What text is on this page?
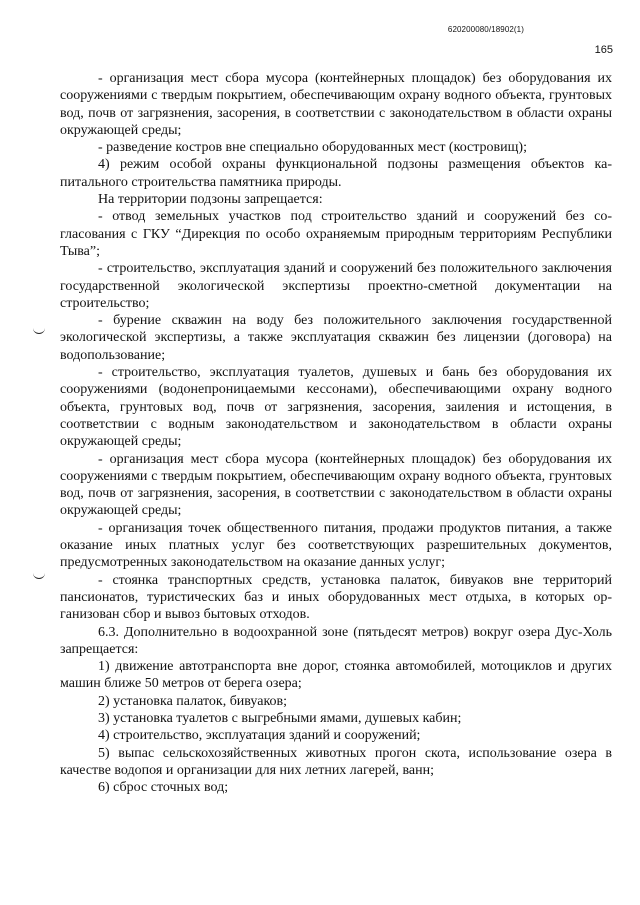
620200080/18902(1)
165

- организация мест сбора мусора (контейнерных площадок) без оборудования их сооружениями с твердым покрытием, обеспечивающим охрану водного объекта, грунтовых вод, почв от загрязнения, засорения, в соответствии с законодательством в области охраны окружающей среды;

- разведение костров вне специально оборудованных мест (костровищ);

4) режим особой охраны функциональной подзоны размещения объектов капитального строительства памятника природы.

На территории подзоны запрещается:

- отвод земельных участков под строительство зданий и сооружений без согласования с ГКУ “Дирекция по особо охраняемым природным территориям Республики Тыва”;

- строительство, эксплуатация зданий и сооружений без положительного заключения государственной экологической экспертизы проектно-сметной документации на строительство;

- бурение скважин на воду без положительного заключения государственной экологической экспертизы, а также эксплуатация скважин без лицензии (договора) на водопользование;

- строительство, эксплуатация туалетов, душевых и бань без оборудования их сооружениями (водонепроницаемыми кессонами), обеспечивающими охрану водного объекта, грунтовых вод, почв от загрязнения, засорения, заиления и истощения, в соответствии с водным законодательством и законодательством в области охраны окружающей среды;

- организация мест сбора мусора (контейнерных площадок) без оборудования их сооружениями с твердым покрытием, обеспечивающим охрану водного объекта, грунтовых вод, почв от загрязнения, засорения, в соответствии с законодательством в области охраны окружающей среды;

- организация точек общественного питания, продажи продуктов питания, а также оказание иных платных услуг без соответствующих разрешительных документов, предусмотренных законодательством на оказание данных услуг;

- стоянка транспортных средств, установка палаток, бивуаков вне территорий пансионатов, туристических баз и иных оборудованных мест отдыха, в которых организован сбор и вывоз бытовых отходов.

6.3. Дополнительно в водоохранной зоне (пятьдесят метров) вокруг озера Дус-Холь запрещается:

1) движение автотранспорта вне дорог, стоянка автомобилей, мотоциклов и других машин ближе 50 метров от берега озера;

2) установка палаток, бивуаков;

3) установка туалетов с выгребными ямами, душевых кабин;

4) строительство, эксплуатация зданий и сооружений;

5) выпас сельскохозяйственных животных прогон скота, использование озера в качестве водопоя и организации для них летних лагерей, ванн;

6) сброс сточных вод;
